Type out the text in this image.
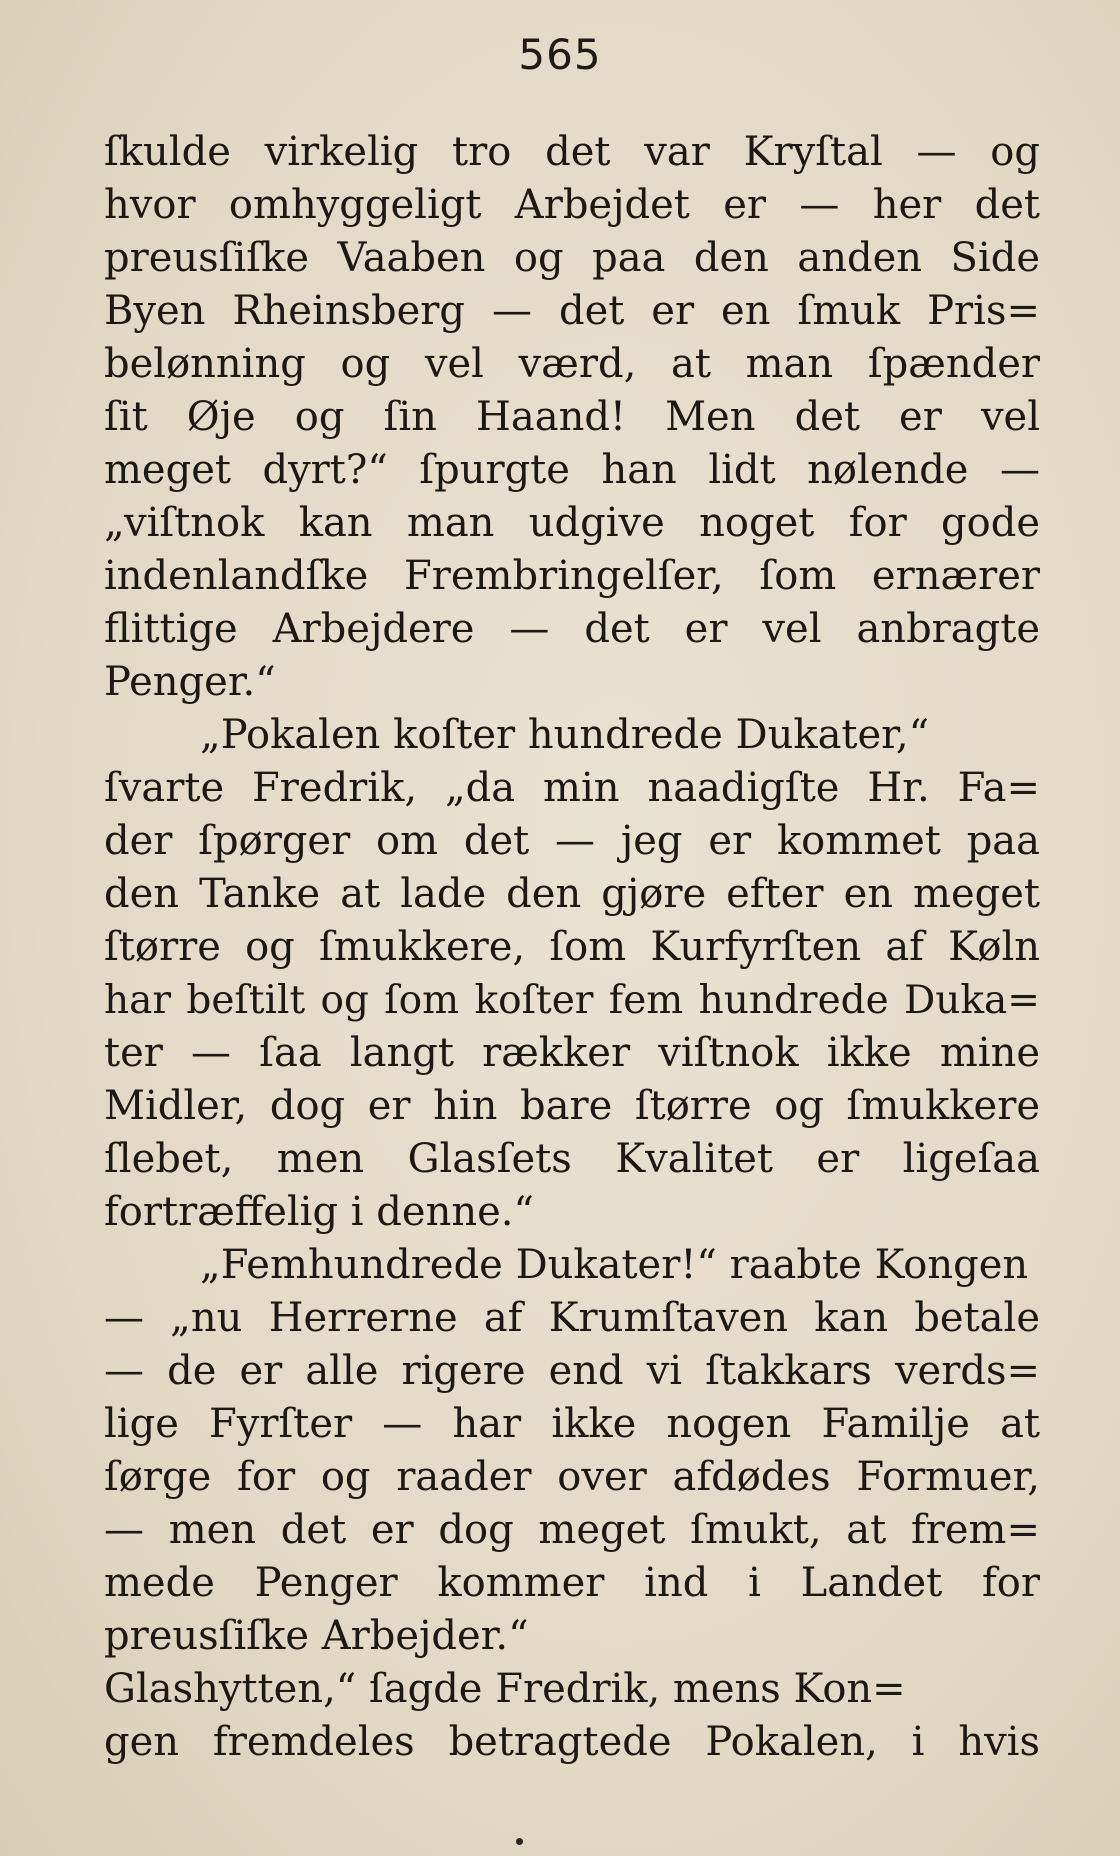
565
ſkulde virkelig tro det var Kryſtal — og
hvor omhyggeligt Arbejdet er — her det
preusſiſke Vaaben og paa den anden Side
Byen Rheinsberg — det er en ſmuk Pris=
belønning og vel værd, at man ſpænder
ſit Øje og ſin Haand! Men det er vel
meget dyrt?“ ſpurgte han lidt nølende —
„viſtnok kan man udgive noget for gode
indenlandſke Frembringelſer, ſom ernærer
flittige Arbejdere — det er vel anbragte
Penger.“
„Pokalen koſter hundrede Dukater,“
ſvarte Fredrik, „da min naadigſte Hr. Fa=
der ſpørger om det — jeg er kommet paa
den Tanke at lade den gjøre efter en meget
ſtørre og ſmukkere, ſom Kurfyrſten af Køln
har beſtilt og ſom koſter fem hundrede Duka=
ter — ſaa langt rækker viſtnok ikke mine
Midler, dog er hin bare ſtørre og ſmukkere
ſlebet, men Glasſets Kvalitet er ligeſaa
fortræffelig i denne.“
„Femhundrede Dukater!“ raabte Kongen
— „nu Herrerne af Krumſtaven kan betale
— de er alle rigere end vi ſtakkars verds=
lige Fyrſter — har ikke nogen Familje at
ſørge for og raader over afdødes Formuer,
— men det er dog meget ſmukt, at frem=
mede Penger kommer ind i Landet for
preusſiſke Arbejder.“
Glashytten,“ ſagde Fredrik, mens Kon=
gen fremdeles betragtede Pokalen, i hvis
